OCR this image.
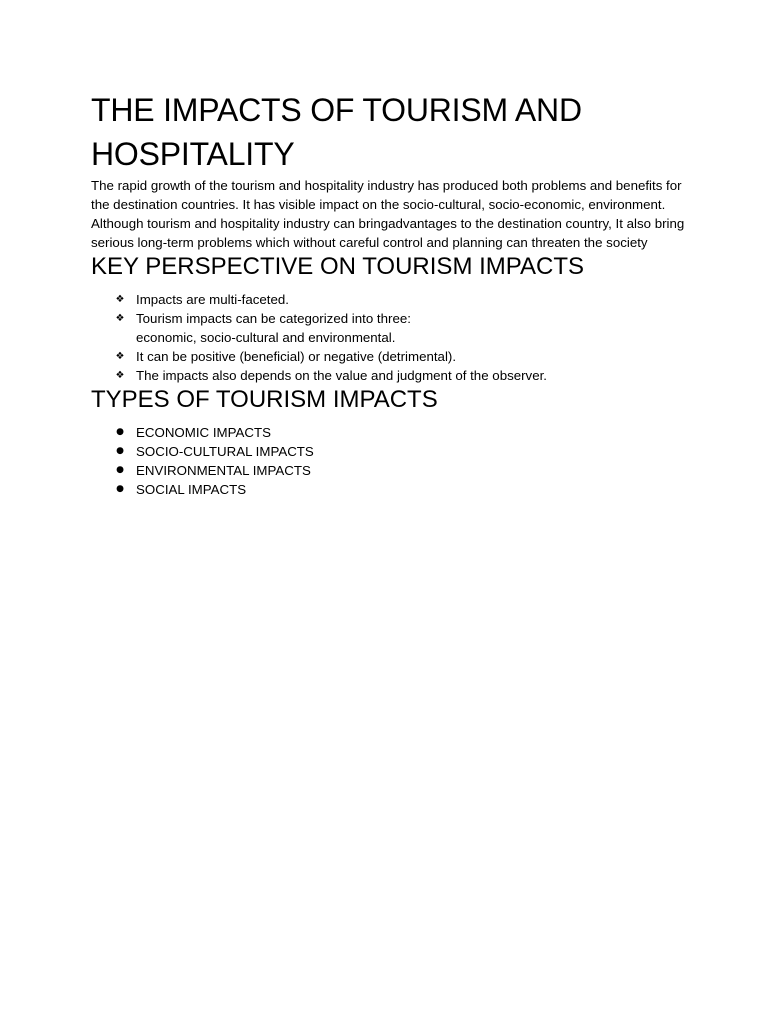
THE IMPACTS OF TOURISM AND HOSPITALITY

The rapid growth of the tourism and hospitality industry has produced both problems and benefits for the destination countries. It has visible impact on the socio-cultural, socio-economic, environment.

Although tourism and hospitality industry can bringadvantages to the destination country, It also bring serious long-term problems which without careful control and planning can threaten the society

KEY PERSPECTIVE ON TOURISM IMPACTS
❖ Impacts are multi-faceted.
❖ Tourism impacts can be categorized into three:
economic, socio-cultural and environmental.
❖ It can be positive (beneficial) or negative (detrimental).
❖ The impacts also depends on the value and judgment of the observer.
TYPES OF TOURISM IMPACTS
● ECONOMIC IMPACTS
● SOCIO-CULTURAL IMPACTS
● ENVIRONMENTAL IMPACTS
● SOCIAL IMPACTS
